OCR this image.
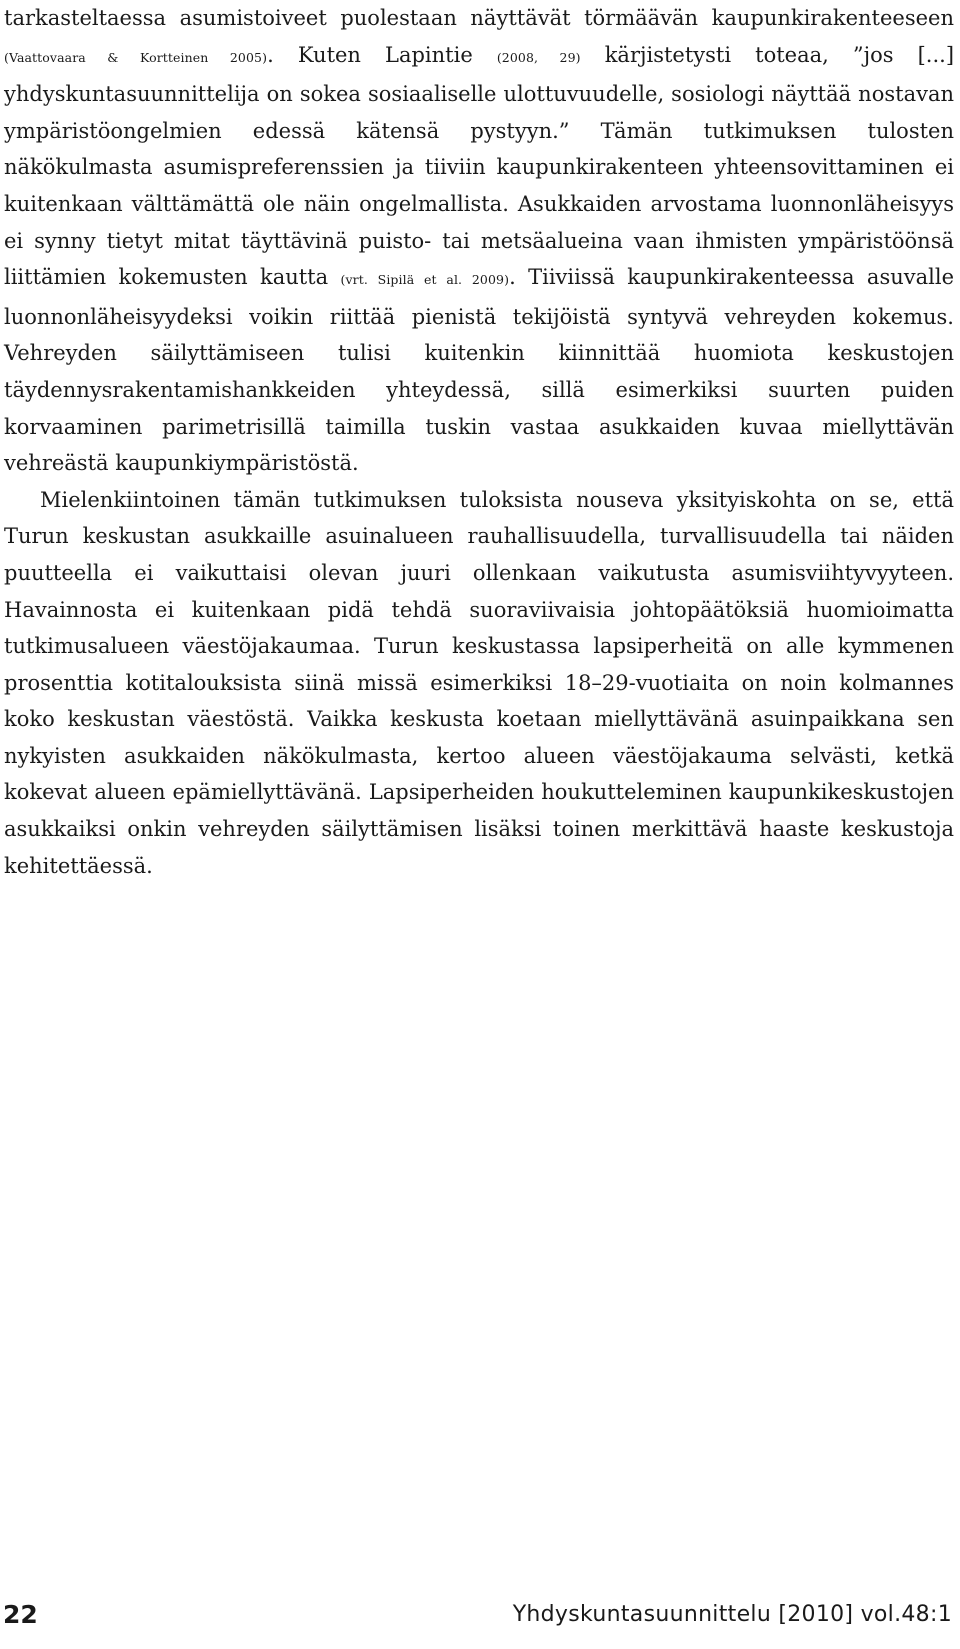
tarkasteltaessa asumistoiveet puolestaan näyttävät törmäävän kaupunkirakenteeseen (Vaattovaara & Kortteinen 2005). Kuten Lapintie (2008, 29) kärjistetysti toteaa, ”jos [...] yhdyskuntasuunnittelija on sokea sosiaaliselle ulottuvuudelle, sosiologi näyttää nostavan ympäristöongelmien edessä kätensä pystyyn.” Tämän tutkimuksen tulosten näkökulmasta asumispreferenssien ja tiiviin kaupunkirakenteen yhteensovittaminen ei kuitenkaan välttämättä ole näin ongelmallista. Asukkaiden arvostama luonnonläheisyys ei synny tietyt mitat täyttävinä puisto- tai metsäalueina vaan ihmisten ympäristöönsä liittämien kokemusten kautta (vrt. Sipilä et al. 2009). Tiiviissä kaupunkirakenteessa asuvalle luonnonläheisyydeksi voikin riittää pienistä tekijöistä syntyvä vehreyden kokemus. Vehreyden säilyttämiseen tulisi kuitenkin kiinnittää huomiota keskustojen täydennysrakentamishankkeiden yhteydessä, sillä esimerkiksi suurten puiden korvaaminen parimetrisillä taimilla tuskin vastaa asukkaiden kuvaa miellyttävän vehreästä kaupunkiympäristöstä.

Mielenkiintoinen tämän tutkimuksen tuloksista nouseva yksityiskohta on se, että Turun keskustan asukkaille asuinalueen rauhallisuudella, turvallisuudella tai näiden puutteella ei vaikuttaisi olevan juuri ollenkaan vaikutusta asumisviihtyvyyteen. Havainnosta ei kuitenkaan pidä tehdä suoraviivaisia johtopäätöksiä huomioimatta tutkimusalueen väestöjakaumaa. Turun keskustassa lapsiperheitä on alle kymmenen prosenttia kotitalouksista siinä missä esimerkiksi 18–29-vuotiaita on noin kolmannes koko keskustan väestöstä. Vaikka keskusta koetaan miellyttävänä asuinpaikkana sen nykyisten asukkaiden näkökulmasta, kertoo alueen väestöjakauma selvästi, ketkä kokevat alueen epämiellyttävänä. Lapsiperheiden houkutteleminen kaupunkikeskustojen asukkaiksi onkin vehreyden säilyttämisen lisäksi toinen merkittävä haaste keskustoja kehitettäessä.

22	Yhdyskuntasuunnittelu [2010] vol.48:1
